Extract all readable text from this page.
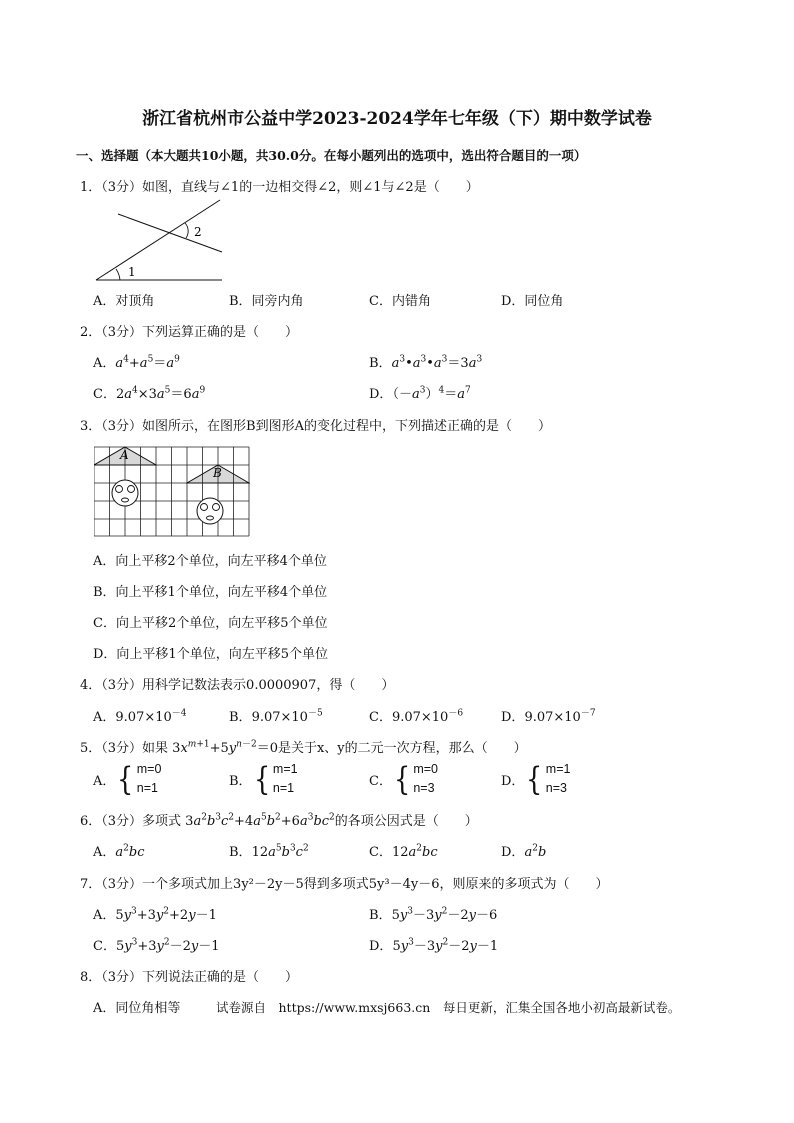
浙江省杭州市公益中学2023-2024学年七年级（下）期中数学试卷
一、选择题（本大题共10小题，共30.0分。在每小题列出的选项中，选出符合题目的一项）
1．（3分）如图，直线与∠1的一边相交得∠2，则∠1与∠2是（　　）
1
2
A．对顶角	B．同旁内角	C．内错角	D．同位角
2．（3分）下列运算正确的是（　　）
A．$a^4+a^5=a^9$	B．$a^3•a^3•a^3=3a^3$
C．$2a^4\times 3a^5=6a^9$	D．$(-a^3)^4=a^7$
3．（3分）如图所示，在图形B到图形A的变化过程中，下列描述正确的是（　　）
A
B
A．向上平移2个单位，向左平移4个单位
B．向上平移1个单位，向左平移4个单位
C．向上平移2个单位，向左平移5个单位
D．向上平移1个单位，向左平移5个单位
4．（3分）用科学记数法表示0.0000907，得（　　）
A．$9.07\times 10^{-4}$	B．$9.07\times 10^{-5}$	C．$9.07\times 10^{-6}$	D．$9.07\times 10^{-7}$
5．（3分）如果 $3x^{m+1}+5y^{n-2}=0$是关于x、y的二元一次方程，那么（　　）
A． { m=0
n=1	B． { m=1
n=1	C． { m=0
n=3	D． { m=1
n=3
6．（3分）多项式 $3a^2b^3c^2+4a^5b^2+6a^3bc^2$的各项公因式是（　　）
A．$a^2bc$	B．$12a^5b^3c^2$	C．$12a^2bc$	D．$a^2b$
7．（3分）一个多项式加上3y²－2y－5得到多项式5y³－4y－6，则原来的多项式为（　　）
A．$5y^3+3y^2+2y-1$	B．$5y^3-3y^2-2y-6$
C．$5y^3+3y^2-2y-1$	D．$5y^3-3y^2-2y-1$
8．（3分）下列说法正确的是（　　）
A．同位角相等	试卷源自　https://www.mxsj663.cn　每日更新，汇集全国各地小初高最新试卷。
